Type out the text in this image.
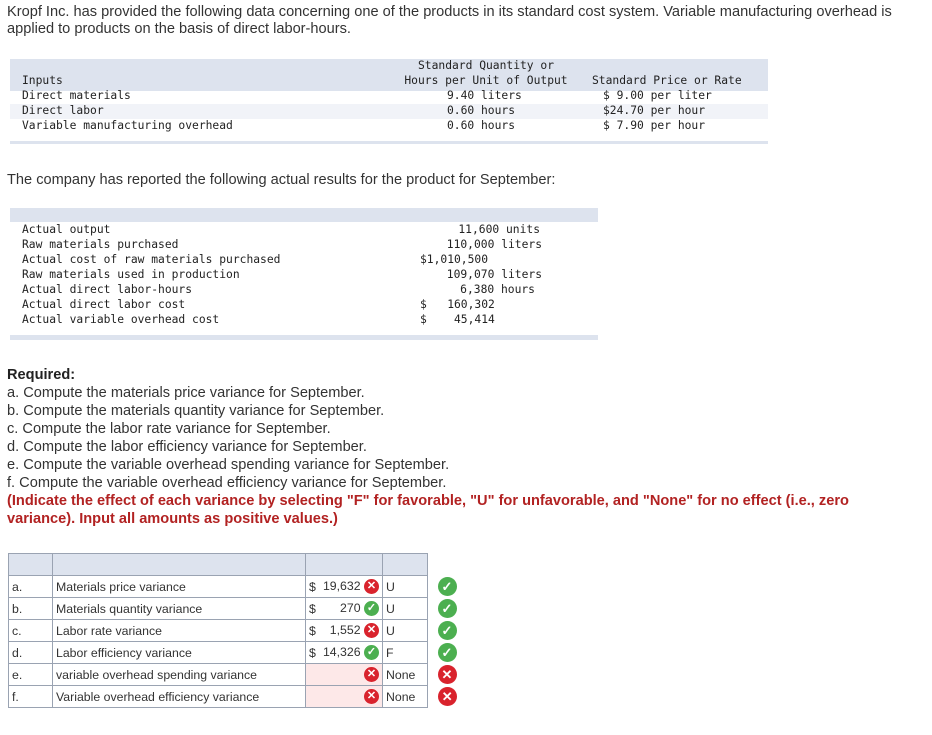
Kropf Inc. has provided the following data concerning one of the products in its standard cost system. Variable manufacturing overhead is applied to products on the basis of direct labor-hours.
Inputs
Standard Quantity or
Hours per Unit of Output	Standard Price or Rate
Direct materials	9.40 liters	$ 9.00 per liter
Direct labor	0.60 hours	$24.70 per hour
Variable manufacturing overhead	0.60 hours	$ 7.90 per hour
The company has reported the following actual results for the product for September:
Actual output	11,600 units
Raw materials purchased	110,000 liters
Actual cost of raw materials purchased	$1,010,500
Raw materials used in production	109,070 liters
Actual direct labor-hours	6,380 hours
Actual direct labor cost	$   160,302
Actual variable overhead cost	$    45,414
Required:
a. Compute the materials price variance for September.
b. Compute the materials quantity variance for September.
c. Compute the labor rate variance for September.
d. Compute the labor efficiency variance for September.
e. Compute the variable overhead spending variance for September.
f. Compute the variable overhead efficiency variance for September.
(Indicate the effect of each variance by selecting "F" for favorable, "U" for unfavorable, and "None" for no effect (i.e., zero variance). Input all amounts as positive values.)

a.	Materials price variance	$ 19,632 ✕	U	✓
b.	Materials quantity variance	$ 270 ✓	U	✓
c.	Labor rate variance	$ 1,552 ✕	U	✓
d.	Labor efficiency variance	$ 14,326 ✓	F	✓
e.	variable overhead spending variance	✕	None	✕
f.	Variable overhead efficiency variance	✕	None	✕
